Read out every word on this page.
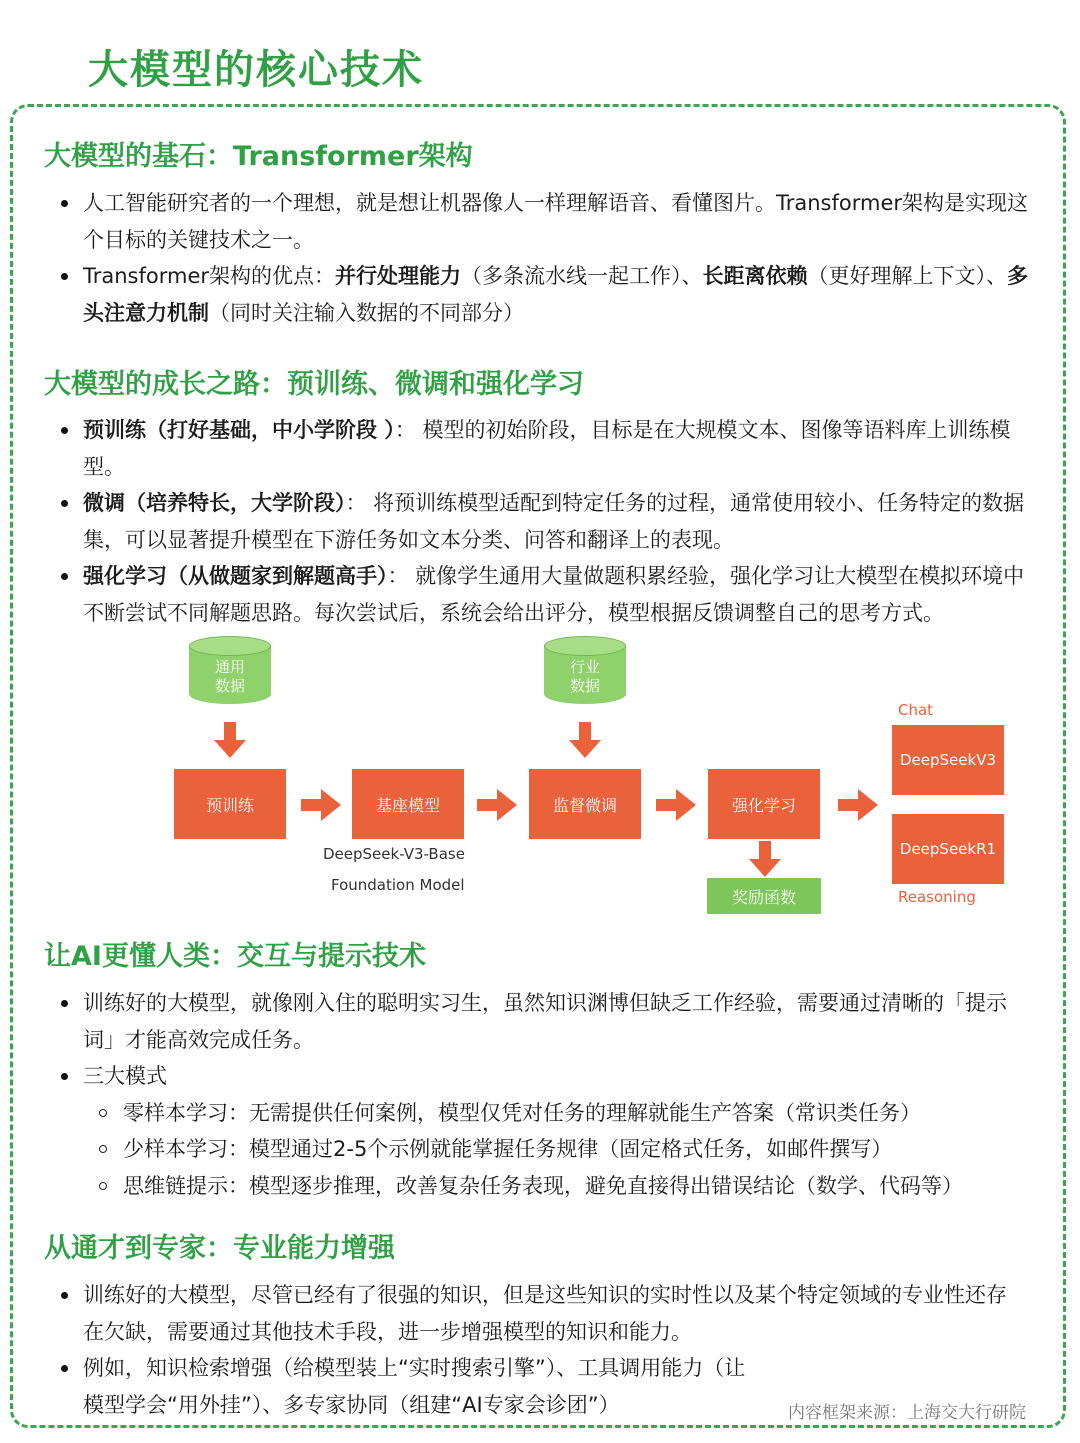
大模型的核心技术
大模型的基石：Transformer架构
人工智能研究者的一个理想，就是想让机器像人一样理解语音、看懂图片。Transformer架构是实现这个目标的关键技术之一。
Transformer架构的优点：并行处理能力（多条流水线一起工作）、长距离依赖（更好理解上下文）、多头注意力机制（同时关注输入数据的不同部分）
大模型的成长之路：预训练、微调和强化学习
预训练（打好基础，中小学阶段 ）： 模型的初始阶段，目标是在大规模文本、图像等语料库上训练模型。
微调（培养特长，大学阶段）： 将预训练模型适配到特定任务的过程，通常使用较小、任务特定的数据集，可以显著提升模型在下游任务如文本分类、问答和翻译上的表现。
强化学习（从做题家到解题高手）： 就像学生通用大量做题积累经验，强化学习让大模型在模拟环境中不断尝试不同解题思路。每次尝试后，系统会给出评分，模型根据反馈调整自己的思考方式。
通用
数据
行业
数据
预训练	基座模型	监督微调	强化学习
奖励函数
DeepSeek-V3-Base
Foundation Model
Chat
DeepSeekV3
DeepSeekR1
Reasoning
让AI更懂人类：交互与提示技术
训练好的大模型，就像刚入住的聪明实习生，虽然知识渊博但缺乏工作经验，需要通过清晰的「提示词」才能高效完成任务。
三大模式
零样本学习：无需提供任何案例，模型仅凭对任务的理解就能生产答案（常识类任务）
少样本学习：模型通过2-5个示例就能掌握任务规律（固定格式任务，如邮件撰写）
思维链提示：模型逐步推理，改善复杂任务表现，避免直接得出错误结论（数学、代码等）
从通才到专家：专业能力增强
训练好的大模型，尽管已经有了很强的知识，但是这些知识的实时性以及某个特定领域的专业性还存在欠缺，需要通过其他技术手段，进一步增强模型的知识和能力。
例如，知识检索增强（给模型装上“实时搜索引擎”）、工具调用能力（让模型学会“用外挂”）、多专家协同（组建“AI专家会诊团”）	内容框架来源：上海交大行研院
